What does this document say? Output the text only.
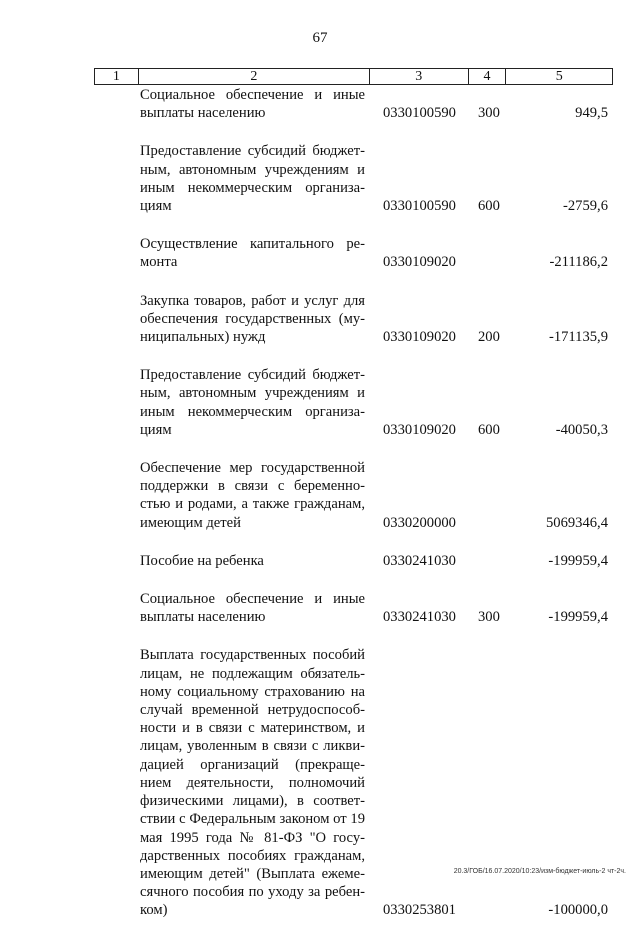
67
1	2	3	4	5
Социальное обеспечение и иные выплаты населению	0330100590 300	949,5
Предоставление субсидий бюджет-ным, автономным учреждениям и иным некоммерческим организа-циям	0330100590 600	-2759,6
Осуществление капитального ре-монта	0330109020	-211186,2
Закупка товаров, работ и услуг для обеспечения государственных (му-ниципальных) нужд	0330109020 200	-171135,9
Предоставление субсидий бюджет-ным, автономным учреждениям и иным некоммерческим организа-циям	0330109020 600	-40050,3
Обеспечение мер государственной поддержки в связи с беременно-стью и родами, а также гражданам, имеющим детей	0330200000	5069346,4
Пособие на ребенка	0330241030	-199959,4
Социальное обеспечение и иные выплаты населению	0330241030 300	-199959,4
Выплата государственных пособий лицам, не подлежащим обязатель-ному социальному страхованию на случай временной нетрудоспособ-ности и в связи с материнством, и лицам, уволенным в связи с ликви-дацией организаций (прекраще-нием деятельности, полномочий физическими лицами), в соответ-ствии с Федеральным законом от 19 мая 1995 года № 81-ФЗ "О госу-дарственных пособиях гражданам, имеющим детей" (Выплата ежеме-сячного пособия по уходу за ребен-ком)	0330253801	-100000,0
20.3/ГОБ/16.07.2020/10:23/изм-бюджет-июль-2 чт-2ч.
